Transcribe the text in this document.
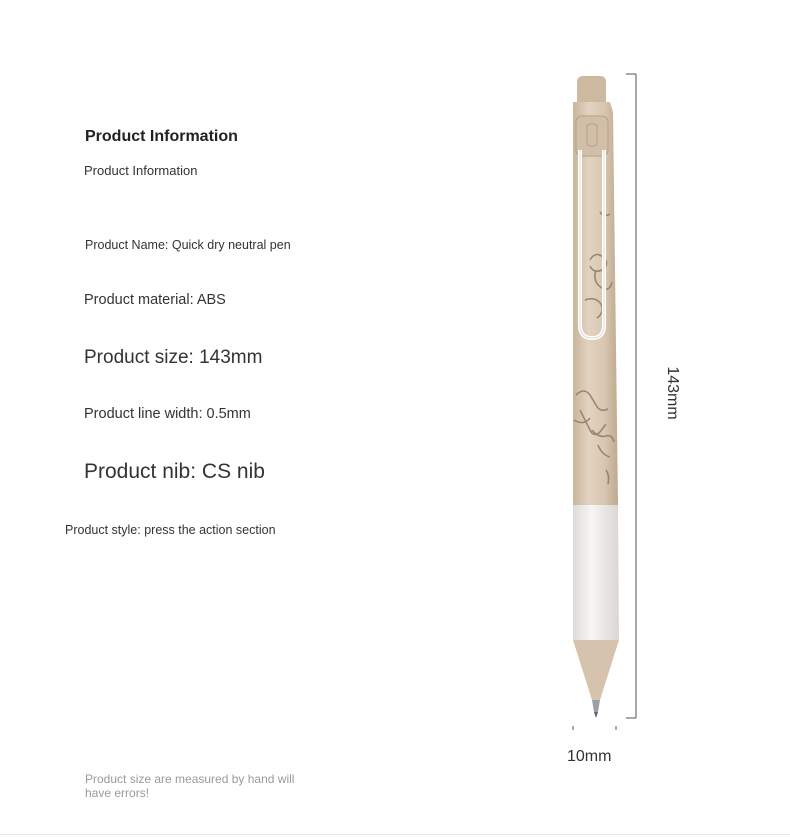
Product Information
Product Information
Product Name: Quick dry neutral pen
Product material: ABS
Product size: 143mm
Product line width: 0.5mm
Product nib: CS nib
Product style: press the action section
Product size are measured by hand will have errors!
143mm
10mm
